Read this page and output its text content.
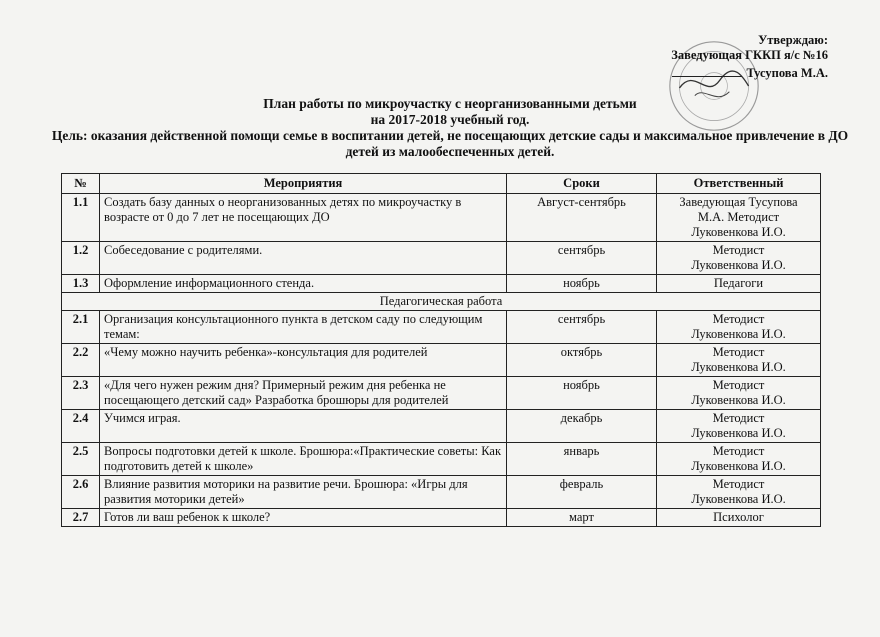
Утверждаю:
Заведующая ГККП я/с №16
Тусупова М.А.
План работы по микроучастку с неорганизованными детьми
на 2017-2018 учебный год.
Цель: оказания действенной помощи семье в воспитании детей, не посещающих детские сады и максимальное привлечение в ДО детей из малообеспеченных детей.
№	Мероприятия	Сроки	Ответственный
1.1	Создать базу данных о неорганизованных детях по микроучастку в возрасте от 0 до 7 лет не посещающих ДО	Август-сентябрь	Заведующая Тусупова М.А. Методист Луковенкова И.О.
1.2	Собеседование с родителями.	сентябрь	Методист Луковенкова И.О.
1.3	Оформление информационного стенда.	ноябрь	Педагоги
Педагогическая работа			
2.1	Организация консультационного пункта в детском саду по следующим темам:	сентябрь	Методист Луковенкова И.О.
2.2	«Чему можно научить ребенка»-консультация для родителей	октябрь	Методист Луковенкова И.О.
2.3	«Для чего нужен режим дня? Примерный режим дня ребенка не посещающего детский сад» Разработка брошюры для родителей	ноябрь	Методист Луковенкова И.О.
2.4	Учимся играя.	декабрь	Методист Луковенкова И.О.
2.5	Вопросы подготовки детей к школе. Брошюра:«Практические советы: Как подготовить детей к школе»	январь	Методист Луковенкова И.О.
2.6	Влияние развития моторики на развитие речи. Брошюра: «Игры для развития моторики детей»	февраль	Методист Луковенкова И.О.
2.7	Готов ли ваш ребенок к школе?	март	Психолог
